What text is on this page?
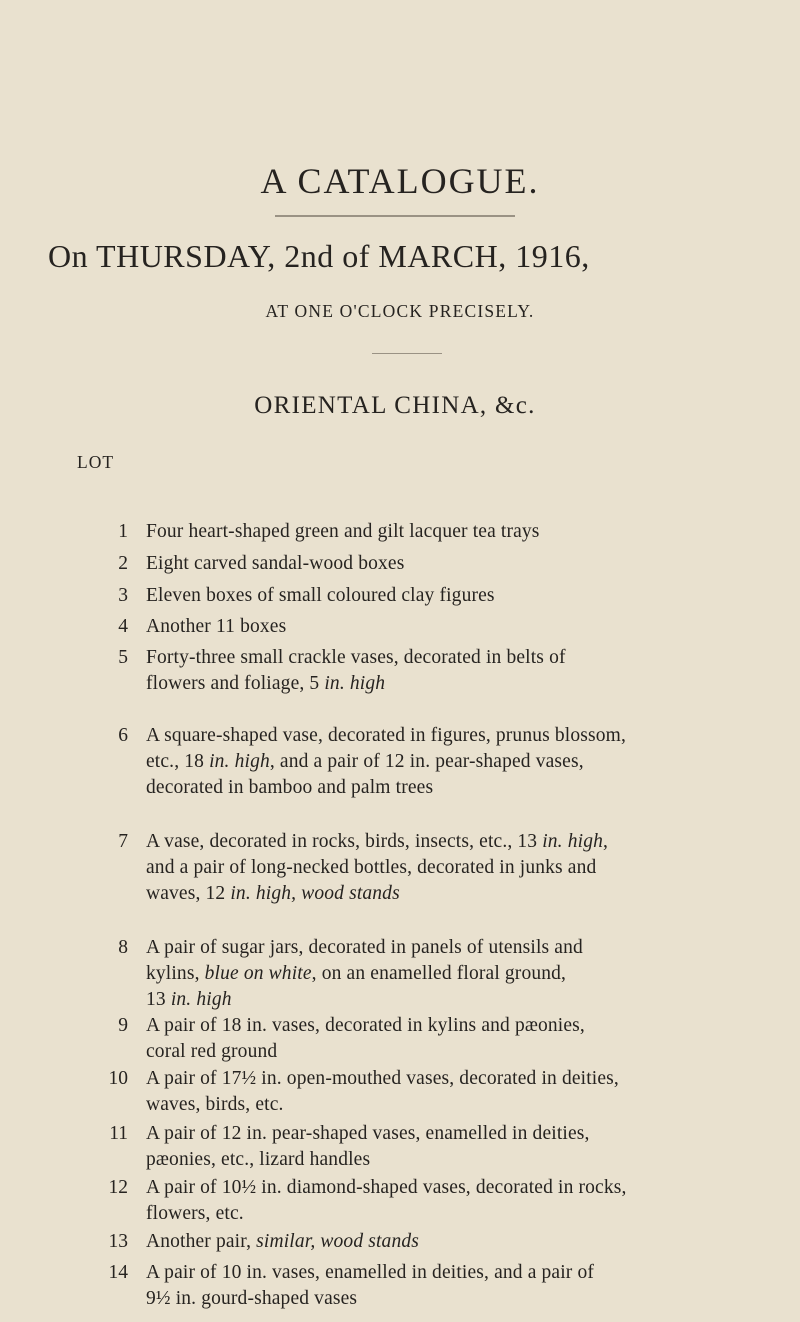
A CATALOGUE.
On THURSDAY, 2nd of MARCH, 1916,
AT ONE O'CLOCK PRECISELY.
ORIENTAL CHINA, &c.
LOT
1 Four heart-shaped green and gilt lacquer tea trays
2 Eight carved sandal-wood boxes
3 Eleven boxes of small coloured clay figures
4 Another 11 boxes
5 Forty-three small crackle vases, decorated in belts of
flowers and foliage, 5 in. high
6 A square-shaped vase, decorated in figures, prunus blossom,
etc., 18 in. high, and a pair of 12 in. pear-shaped vases,
decorated in bamboo and palm trees
7 A vase, decorated in rocks, birds, insects, etc., 13 in. high,
and a pair of long-necked bottles, decorated in junks and
waves, 12 in. high, wood stands
8 A pair of sugar jars, decorated in panels of utensils and
kylins, blue on white, on an enamelled floral ground,
13 in. high
9 A pair of 18 in. vases, decorated in kylins and pæonies,
coral red ground
10 A pair of 17½ in. open-mouthed vases, decorated in deities,
waves, birds, etc.
11 A pair of 12 in. pear-shaped vases, enamelled in deities,
pæonies, etc., lizard handles
12 A pair of 10½ in. diamond-shaped vases, decorated in rocks,
flowers, etc.
13 Another pair, similar, wood stands
14 A pair of 10 in. vases, enamelled in deities, and a pair of
9½ in. gourd-shaped vases
